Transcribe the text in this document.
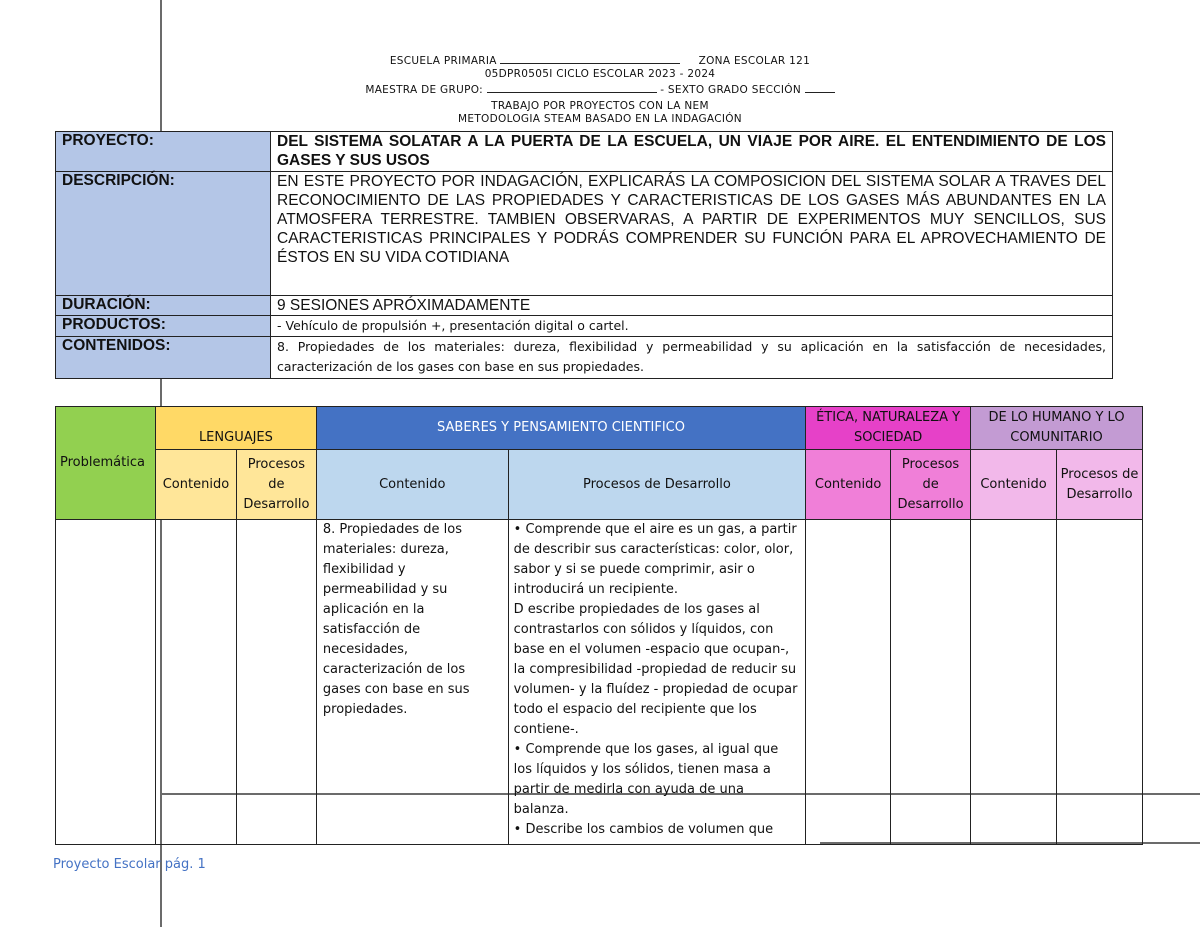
ESCUELA PRIMARIA	ZONA ESCOLAR 121
05DPR0505I CICLO ESCOLAR 2023 - 2024
MAESTRA DE GRUPO:	- SEXTO GRADO SECCIÓN
TRABAJO POR PROYECTOS CON LA NEM
METODOLOGIA STEAM BASADO EN LA INDAGACIÓN
PROYECTO:	DEL SISTEMA SOLATAR A LA PUERTA DE LA ESCUELA, UN VIAJE POR AIRE. EL ENTENDIMIENTO DE LOS GASES Y SUS USOS
DESCRIPCIÓN:	EN ESTE PROYECTO POR INDAGACIÓN, EXPLICARÁS LA COMPOSICION DEL SISTEMA SOLAR A TRAVES DEL RECONOCIMIENTO DE LAS PROPIEDADES Y CARACTERISTICAS DE LOS GASES MÁS ABUNDANTES EN LA ATMOSFERA TERRESTRE. TAMBIEN OBSERVARAS, A PARTIR DE EXPERIMENTOS MUY SENCILLOS, SUS CARACTERISTICAS PRINCIPALES Y PODRÁS COMPRENDER SU FUNCIÓN PARA EL APROVECHAMIENTO DE ÉSTOS EN SU VIDA COTIDIANA
DURACIÓN:	9 SESIONES APRÓXIMADAMENTE
PRODUCTOS:	- Vehículo de propulsión +, presentación digital o cartel.
CONTENIDOS:	8. Propiedades de los materiales: dureza, flexibilidad y permeabilidad y su aplicación en la satisfacción de necesidades, caracterización de los gases con base en sus propiedades.
Problemática	LENGUAJES		SABERES Y PENSAMIENTO CIENTIFICO		ÉTICA, NATURALEZA Y SOCIEDAD		DE LO HUMANO Y LO COMUNITARIO	
	Contenido	Procesos de Desarrollo	Contenido	Procesos de Desarrollo	Contenido	Procesos de Desarrollo	Contenido	Procesos de Desarrollo
			8. Propiedades de los materiales: dureza, flexibilidad y permeabilidad y su aplicación en la satisfacción de necesidades, caracterización de los gases con base en sus propiedades.	• Comprende que el aire es un gas, a partir de describir sus características: color, olor, sabor y si se puede comprimir, asir o introducirá un recipiente.
D escribe propiedades de los gases al contrastarlos con sólidos y líquidos, con base en el volumen -espacio que ocupan-, la compresibilidad -propiedad de reducir su volumen- y la fluídez - propiedad de ocupar todo el espacio del recipiente que los contiene-.
• Comprende que los gases, al igual que los líquidos y los sólidos, tienen masa a partir de medirla con ayuda de una balanza.
• Describe los cambios de volumen que				

Proyecto Escolar pág. 1
